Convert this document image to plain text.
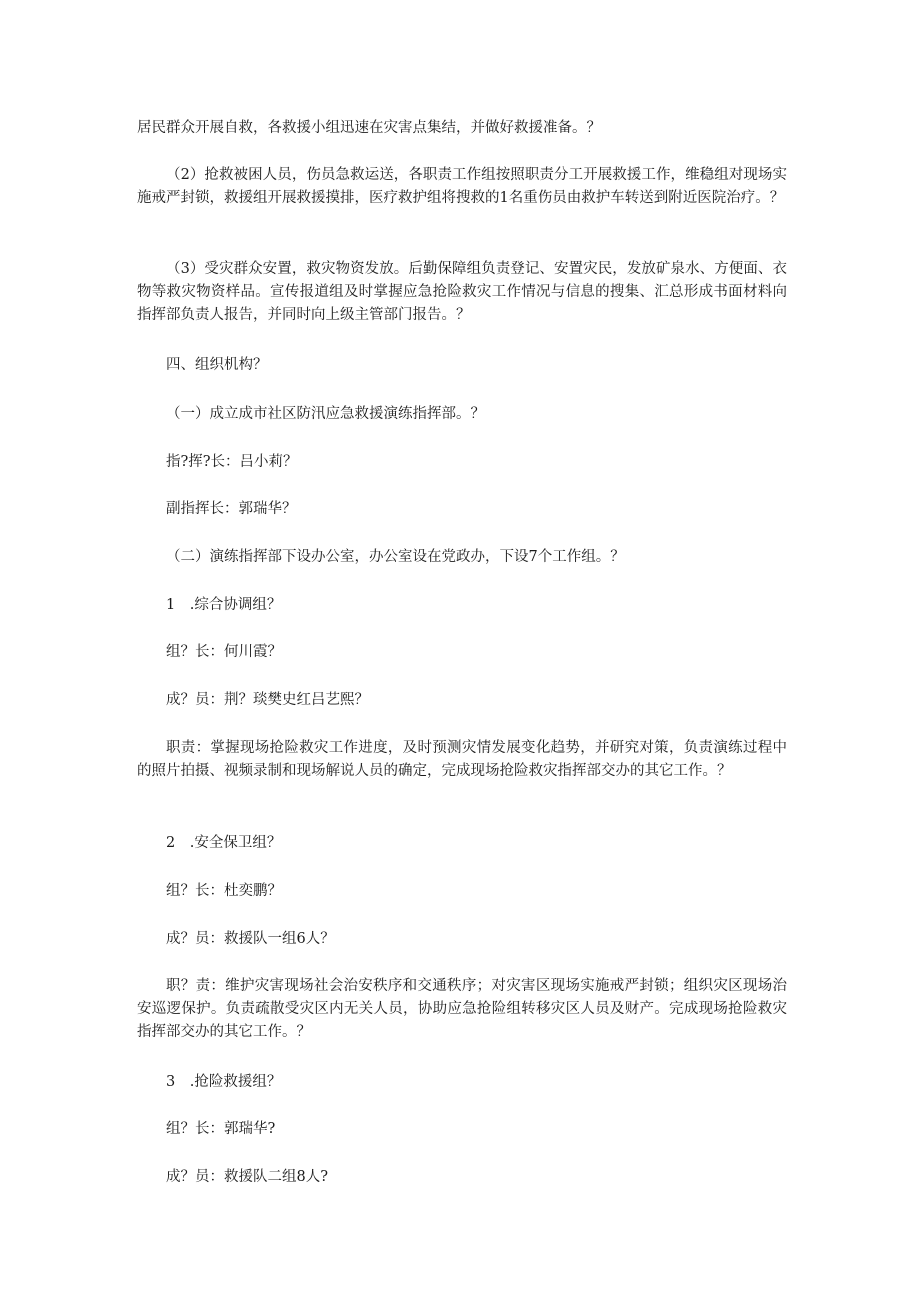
居民群众开展自救，各救援小组迅速在灾害点集结，并做好救援准备。？

（2）抢救被困人员，伤员急救运送，各职责工作组按照职责分工开展救援工作，维稳组对现场实施戒严封锁，救援组开展救援摸排，医疗救护组将搜救的1名重伤员由救护车转送到附近医院治疗。？

（3）受灾群众安置，救灾物资发放。后勤保障组负责登记、安置灾民，发放矿泉水、方便面、衣物等救灾物资样品。宣传报道组及时掌握应急抢险救灾工作情况与信息的搜集、汇总形成书面材料向指挥部负责人报告，并同时向上级主管部门报告。？

四、组织机构？

（一）成立成市社区防汛应急救援演练指挥部。？

指?挥?长：吕小莉？

副指挥长：郭瑞华？

（二）演练指挥部下设办公室，办公室设在党政办，下设7个工作组。？

1　.综合协调组？

组？长：何川霞？

成？员：荆？琰樊史红吕艺熙？

职责：掌握现场抢险救灾工作进度，及时预测灾情发展变化趋势，并研究对策，负责演练过程中的照片拍摄、视频录制和现场解说人员的确定，完成现场抢险救灾指挥部交办的其它工作。？

2　.安全保卫组？

组？长：杜奕鹏？

成？员：救援队一组6人？

职？责：维护灾害现场社会治安秩序和交通秩序；对灾害区现场实施戒严封锁；组织灾区现场治安巡逻保护。负责疏散受灾区内无关人员，协助应急抢险组转移灾区人员及财产。完成现场抢险救灾指挥部交办的其它工作。？

3　.抢险救援组？

组？长：郭瑞华?

成？员：救援队二组8人?
